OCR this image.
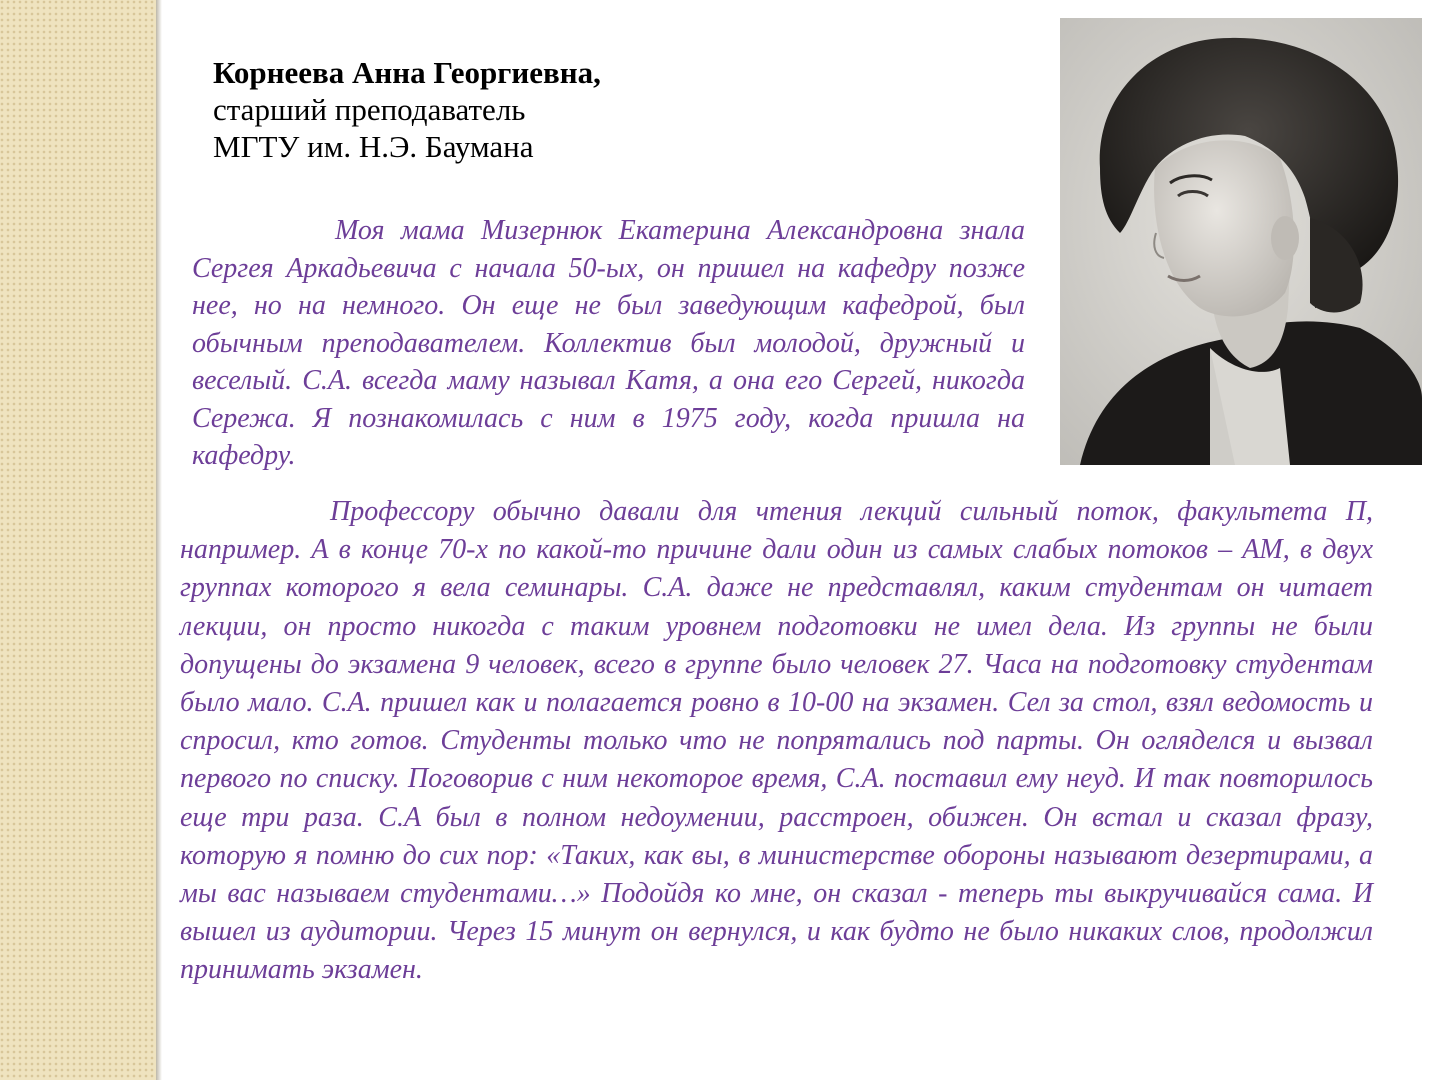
Корнеева Анна Георгиевна,
старший преподаватель
МГТУ им. Н.Э. Баумана

Моя мама Мизернюк Екатерина Александровна знала Сергея Аркадьевича с начала 50-ых, он пришел на кафедру позже нее, но на немного. Он еще не был заведующим кафедрой, был обычным преподавателем. Коллектив был молодой, дружный и веселый. С.А. всегда маму называл Катя, а она его Сергей, никогда Сережа. Я познакомилась с ним в 1975 году, когда пришла на кафедру.

Профессору обычно давали для чтения лекций сильный поток, факультета П, например. А в конце 70-х по какой-то причине дали один из самых слабых потоков – АМ, в двух группах которого я вела семинары. С.А. даже не представлял, каким студентам он читает лекции, он просто никогда с таким уровнем подготовки не имел дела. Из группы не были допущены до экзамена 9 человек, всего в группе было человек 27. Часа на подготовку студентам было мало. С.А. пришел как и полагается ровно в 10-00 на экзамен. Сел за стол, взял ведомость и спросил, кто готов. Студенты только что не попрятались под парты. Он огляделся и вызвал первого по списку. Поговорив с ним некоторое время, С.А. поставил ему неуд. И так повторилось еще три раза. С.А был в полном недоумении, расстроен, обижен. Он встал и сказал фразу, которую я помню до сих пор: «Таких, как вы, в министерстве обороны называют дезертирами, а мы вас называем студентами…» Подойдя ко мне, он сказал - теперь ты выкручивайся сама. И вышел из аудитории. Через 15 минут он вернулся, и как будто не было никаких слов, продолжил принимать экзамен.
